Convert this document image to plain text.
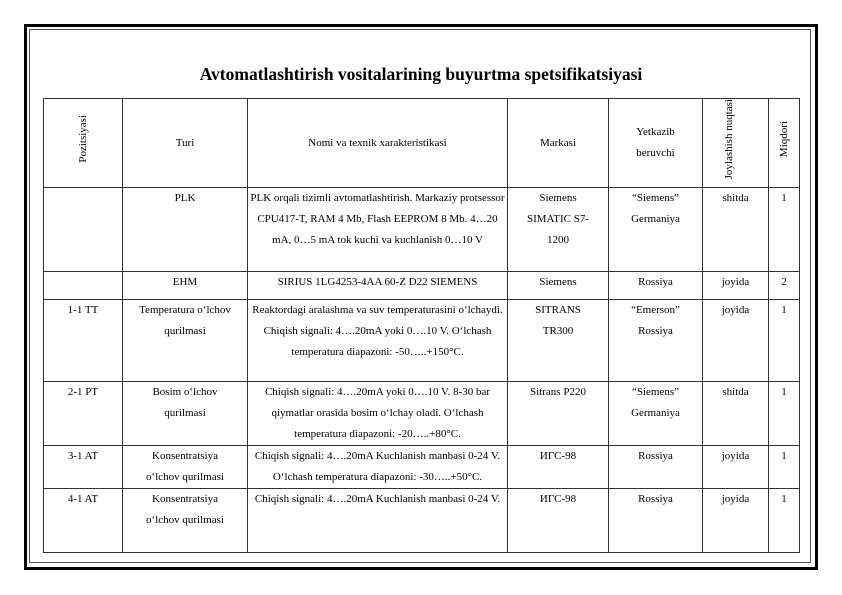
Avtomatlashtirish vositalarining buyurtma spetsifikatsiyasi
Pozitsiyasi	Turi	Nomi va texnik xarakteristikasi	Markasi	Yetkazib beruvchi	Joylashish nuqtasi	Miqdori
	PLK	PLK orqali tizimli avtomatlashtirish. Markaziy protsessor CPU417-T, RAM 4 Mb, Flash EEPROM 8 Mb. 4…20 mA, 0…5 mA tok kuchi va kuchlanish 0…10 V	Siemens SIMATIC S7-1200	“Siemens” Germaniya	shitda	1
	EHM	SIRIUS 1LG4253-4AA 60-Z D22 SIEMENS	Siemens	Rossiya	joyida	2
1-1 TT	Temperatura o‘lchov qurilmasi	Reaktordagi aralashma va suv temperaturasini o‘lchaydi. Chiqish signali: 4….20mA yoki 0….10 V. O‘lchash temperatura diapazoni: -50…..+150°C.	SITRANS TR300	“Emerson” Rossiya	joyida	1
2-1 PT	Bosim o‘lchov qurilmasi	Chiqish signali: 4….20mA yoki 0….10 V. 8-30 bar qiymatlar orasida bosim o‘lchay oladi. O‘lchash temperatura diapazoni: -20…..+80°C.	Sitrans P220	“Siemens” Germaniya	shitda	1
3-1 AT	Konsentratsiya o‘lchov qurilmasi	Chiqish signali: 4….20mA Kuchlanish manbasi 0-24 V. O‘lchash temperatura diapazoni: -30…..+50°C.	ИГС-98	Rossiya	joyida	1
4-1 AT	Konsentratsiya o‘lchov qurilmasi	Chiqish signali: 4….20mA Kuchlanish manbasi 0-24 V.	ИГС-98	Rossiya	joyida	1
